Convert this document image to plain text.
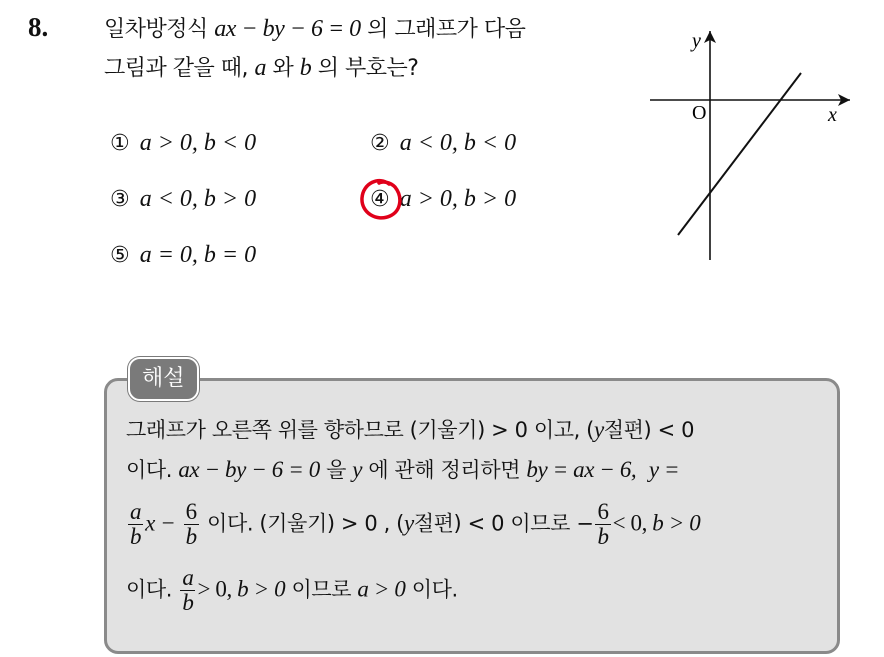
8.	일차방정식 ax − by − 6 = 0 의 그래프가 다음
그림과 같을 때, a 와 b 의 부호는?
① a > 0, b < 0	② a < 0, b < 0
③ a < 0, b > 0	④ a > 0, b > 0
⑤ a = 0, b = 0
y
x
O
해설
그래프가 오른쪽 위를 향하므로 (기울기) > 0 이고, (y절편) < 0
이다. ax − by − 6 = 0 을 y 에 관해 정리하면 by = ax − 6, y =
$\frac{a}{b}$ $x - \frac{6}{b}$ 이다. (기울기) > 0 , (y절편) < 0 이므로 − $\frac{6}{b} < 0$, b > 0
이다. $\frac{a}{b} > 0$, b > 0 이므로 a > 0 이다.
